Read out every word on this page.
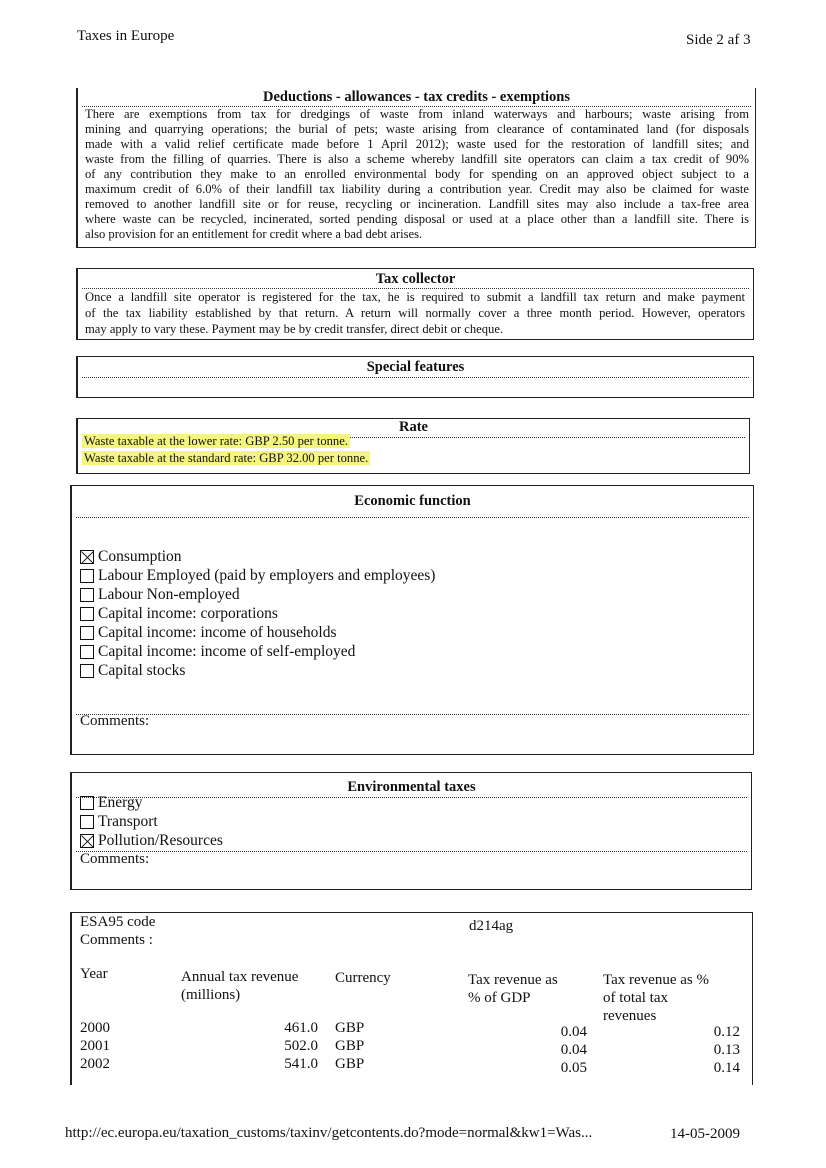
Taxes in Europe	Side 2 af 3
Deductions - allowances - tax credits - exemptions

There are exemptions from tax for dredgings of waste from inland waterways and harbours; waste arising from

mining and quarrying operations; the burial of pets; waste arising from clearance of contaminated land (for disposals

made with a valid relief certificate made before 1 April 2012); waste used for the restoration of landfill sites; and

waste from the filling of quarries. There is also a scheme whereby landfill site operators can claim a tax credit of 90%

of any contribution they make to an enrolled environmental body for spending on an approved object subject to a

maximum credit of 6.0% of their landfill tax liability during a contribution year. Credit may also be claimed for waste

removed to another landfill site or for reuse, recycling or incineration. Landfill sites may also include a tax-free area

where waste can be recycled, incinerated, sorted pending disposal or used at a place other than a landfill site. There is

also provision for an entitlement for credit where a bad debt arises.

Tax collector

Once a landfill site operator is registered for the tax, he is required to submit a landfill tax return and make payment

of the tax liability established by that return. A return will normally cover a three month period. However, operators

may apply to vary these. Payment may be by credit transfer, direct debit or cheque.

Special features
Rate
Waste taxable at the lower rate: GBP 2.50 per tonne.
Waste taxable at the standard rate: GBP 32.00 per tonne.
Economic function
Consumption
Labour Employed (paid by employers and employees)
Labour Non-employed
Capital income: corporations
Capital income: income of households
Capital income: income of self-employed
Capital stocks
Comments:
Environmental taxes
Energy
Transport
Pollution/Resources
Comments:
ESA95 code	d214ag
Comments :
Year	Annual tax revenue
(millions)
Currency	Tax revenue as
% of GDP
Tax revenue as %
of total tax
revenues
2000	461.0 GBP	0.04	0.12
2001	502.0 GBP	0.04	0.13
2002	541.0 GBP	0.05	0.14
http://ec.europa.eu/taxation_customs/taxinv/getcontents.do?mode=normal&kw1=Was...	14-05-2009
